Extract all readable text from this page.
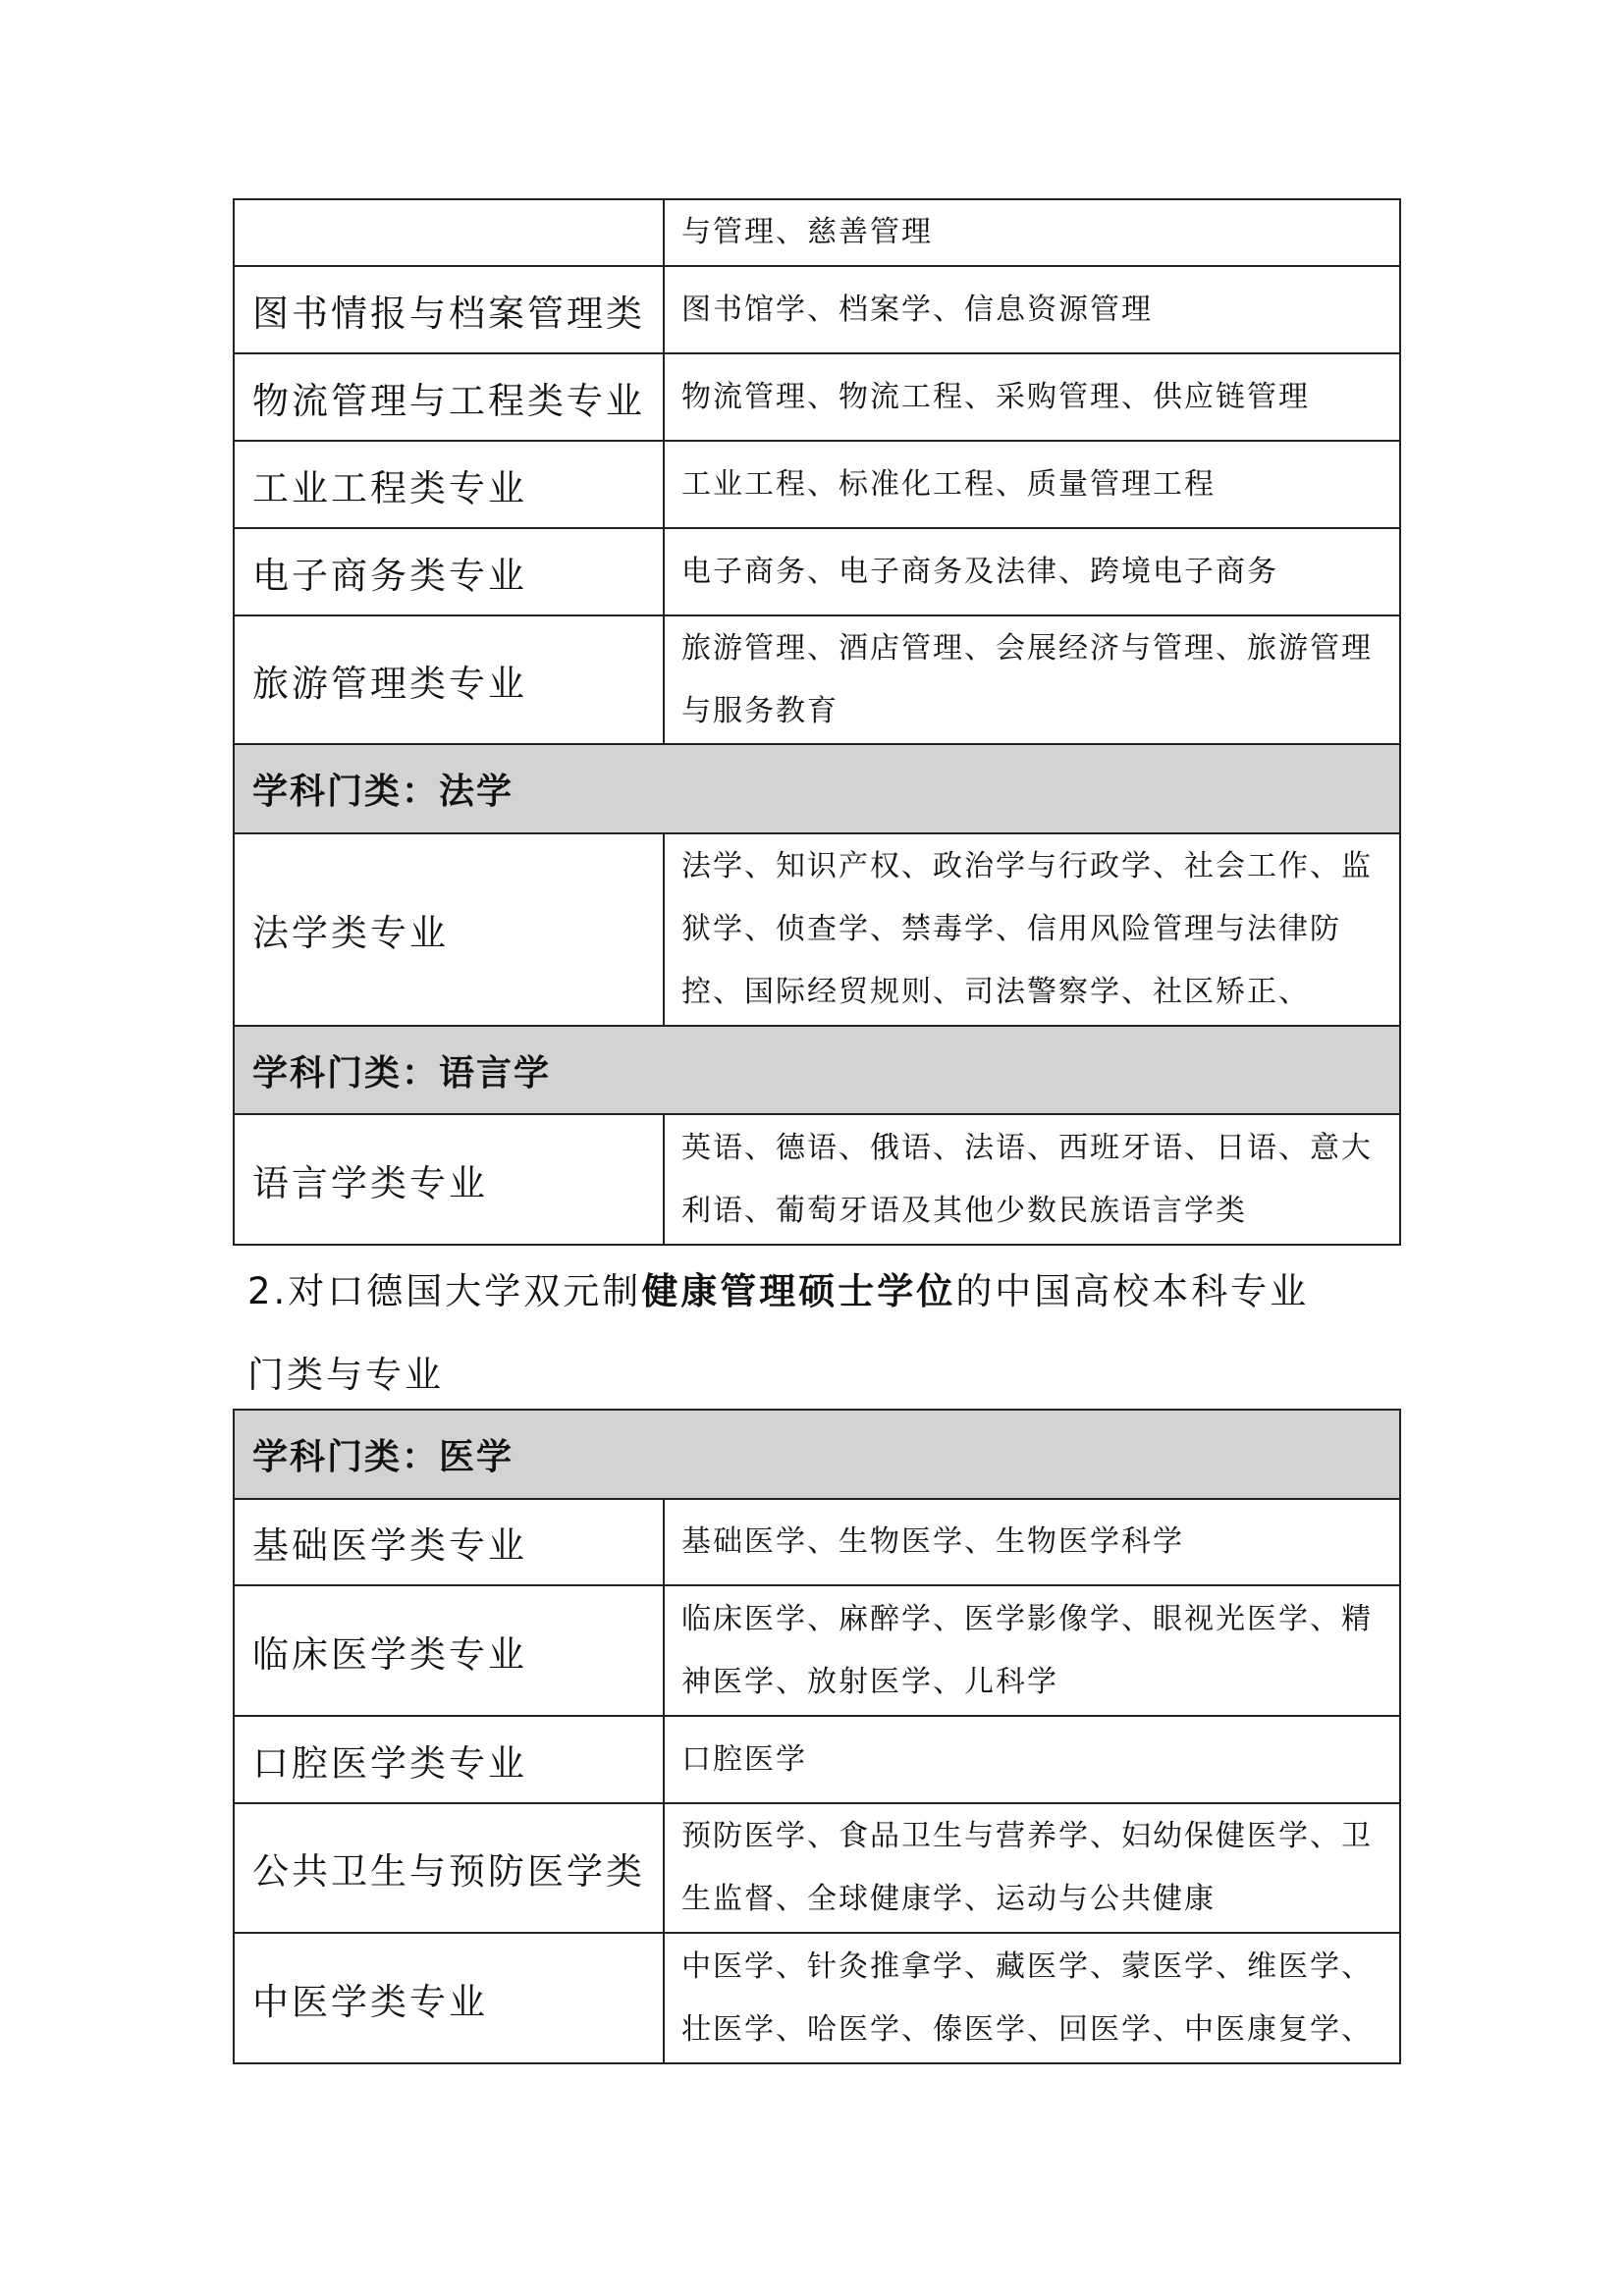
	与管理、慈善管理
图书情报与档案管理类	图书馆学、档案学、信息资源管理
物流管理与工程类专业	物流管理、物流工程、采购管理、供应链管理
工业工程类专业	工业工程、标准化工程、质量管理工程
电子商务类专业	电子商务、电子商务及法律、跨境电子商务
旅游管理类专业	旅游管理、酒店管理、会展经济与管理、旅游管理与服务教育
学科门类：法学	
法学类专业	法学、知识产权、政治学与行政学、社会工作、监狱学、侦查学、禁毒学、信用风险管理与法律防控、国际经贸规则、司法警察学、社区矫正、
学科门类：语言学	
语言学类专业	英语、德语、俄语、法语、西班牙语、日语、意大利语、葡萄牙语及其他少数民族语言学类
2.对口德国大学双元制健康管理硕士学位的中国高校本科专业
门类与专业
学科门类：医学	
基础医学类专业	基础医学、生物医学、生物医学科学
临床医学类专业	临床医学、麻醉学、医学影像学、眼视光医学、精神医学、放射医学、儿科学
口腔医学类专业	口腔医学
公共卫生与预防医学类	预防医学、食品卫生与营养学、妇幼保健医学、卫生监督、全球健康学、运动与公共健康
中医学类专业	中医学、针灸推拿学、藏医学、蒙医学、维医学、壮医学、哈医学、傣医学、回医学、中医康复学、
